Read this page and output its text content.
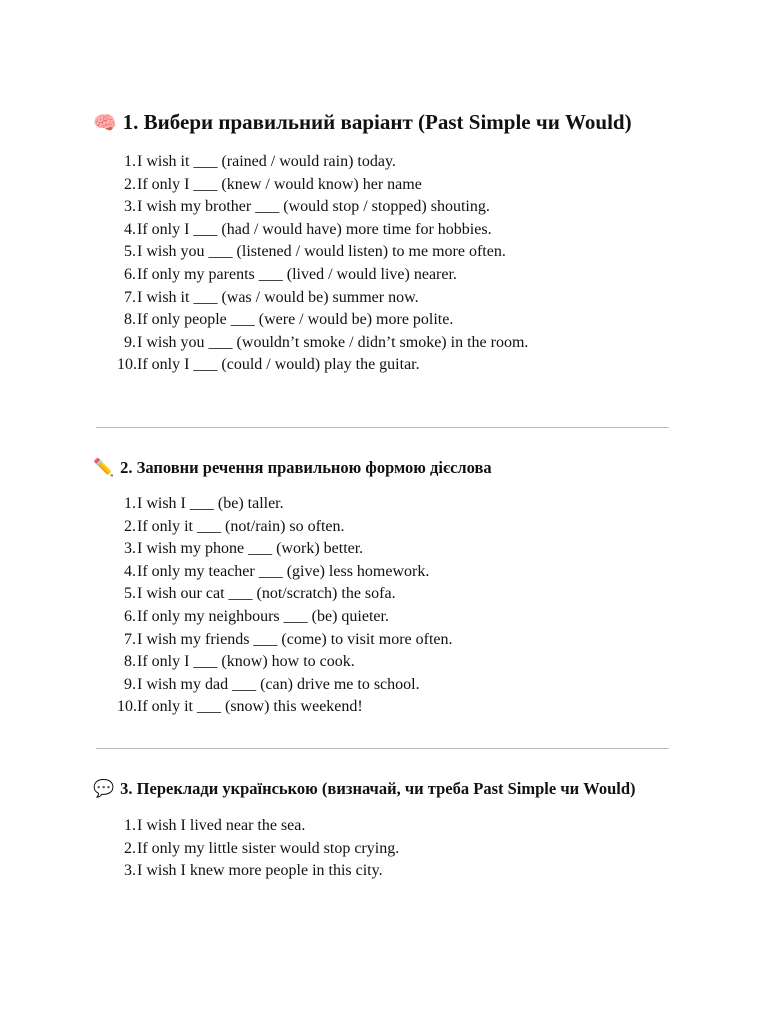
🧠 1. Вибери правильний варіант (Past Simple чи Would)
1. I wish it ___ (rained / would rain) today.
2. If only I ___ (knew / would know) her name
3. I wish my brother ___ (would stop / stopped) shouting.
4. If only I ___ (had / would have) more time for hobbies.
5. I wish you ___ (listened / would listen) to me more often.
6. If only my parents ___ (lived / would live) nearer.
7. I wish it ___ (was / would be) summer now.
8. If only people ___ (were / would be) more polite.
9. I wish you ___ (wouldn’t smoke / didn’t smoke) in the room.
10. If only I ___ (could / would) play the guitar.
✏️ 2. Заповни речення правильною формою дієслова
1. I wish I ___ (be) taller.
2. If only it ___ (not/rain) so often.
3. I wish my phone ___ (work) better.
4. If only my teacher ___ (give) less homework.
5. I wish our cat ___ (not/scratch) the sofa.
6. If only my neighbours ___ (be) quieter.
7. I wish my friends ___ (come) to visit more often.
8. If only I ___ (know) how to cook.
9. I wish my dad ___ (can) drive me to school.
10. If only it ___ (snow) this weekend!
💬 3. Переклади українською (визначай, чи треба Past Simple чи Would)
1. I wish I lived near the sea.
2. If only my little sister would stop crying.
3. I wish I knew more people in this city.
